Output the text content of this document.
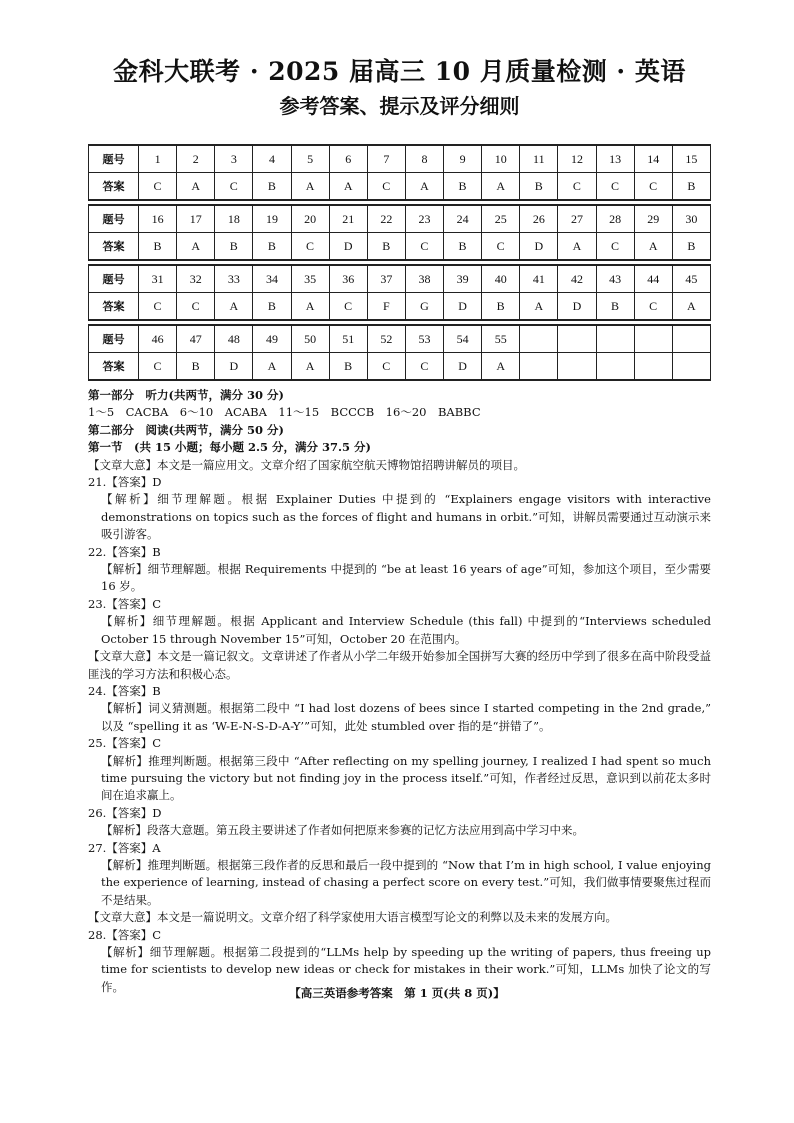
金科大联考 · 2025 届高三 10 月质量检测 · 英语
参考答案、提示及评分细则
题号	1	2	3	4	5	6	7	8	9	10	11	12	13	14	15
答案	C	A	C	B	A	A	C	A	B	A	B	C	C	C	B

题号	16	17	18	19	20	21	22	23	24	25	26	27	28	29	30
答案	B	A	B	B	C	D	B	C	B	C	D	A	C	A	B

题号	31	32	33	34	35	36	37	38	39	40	41	42	43	44	45
答案	C	C	A	B	A	C	F	G	D	B	A	D	B	C	A

题号	46	47	48	49	50	51	52	53	54	55					
答案	C	B	D	A	A	B	C	C	D	A					

第一部分　听力(共两节，满分 30 分)

1～5　CACBA　6～10　ACABA　11～15　BCCCB　16～20　BABBC

第二部分　阅读(共两节，满分 50 分)

第一节　(共 15 小题；每小题 2.5 分，满分 37.5 分)

【文章大意】本文是一篇应用文。文章介绍了国家航空航天博物馆招聘讲解员的项目。

21.【答案】D

【解析】细节理解题。根据 Explainer Duties 中提到的 “Explainers engage visitors with interactive demonstrations on topics such as the forces of flight and humans in orbit.”可知，讲解员需要通过互动演示来吸引游客。

22.【答案】B

【解析】细节理解题。根据 Requirements 中提到的 “be at least 16 years of age”可知，参加这个项目，至少需要 16 岁。

23.【答案】C

【解析】细节理解题。根据 Applicant and Interview Schedule (this fall) 中提到的“Interviews scheduled October 15 through November 15”可知，October 20 在范围内。

【文章大意】本文是一篇记叙文。文章讲述了作者从小学二年级开始参加全国拼写大赛的经历中学到了很多在高中阶段受益匪浅的学习方法和积极心态。

24.【答案】B

【解析】词义猜测题。根据第二段中 “I had lost dozens of bees since I started competing in the 2nd grade,” 以及 “spelling it as ‘W-E-N-S-D-A-Y’”可知，此处 stumbled over 指的是“拼错了”。

25.【答案】C

【解析】推理判断题。根据第三段中 “After reflecting on my spelling journey, I realized I had spent so much time pursuing the victory but not finding joy in the process itself.”可知，作者经过反思，意识到以前花太多时间在追求赢上。

26.【答案】D

【解析】段落大意题。第五段主要讲述了作者如何把原来参赛的记忆方法应用到高中学习中来。

27.【答案】A

【解析】推理判断题。根据第三段作者的反思和最后一段中提到的 “Now that I’m in high school, I value enjoying the experience of learning, instead of chasing a perfect score on every test.”可知，我们做事情要聚焦过程而不是结果。

【文章大意】本文是一篇说明文。文章介绍了科学家使用大语言模型写论文的利弊以及未来的发展方向。

28.【答案】C

【解析】细节理解题。根据第二段提到的“LLMs help by speeding up the writing of papers, thus freeing up time for scientists to develop new ideas or check for mistakes in their work.”可知，LLMs 加快了论文的写作。	【高三英语参考答案　第 1 页(共 8 页)】
